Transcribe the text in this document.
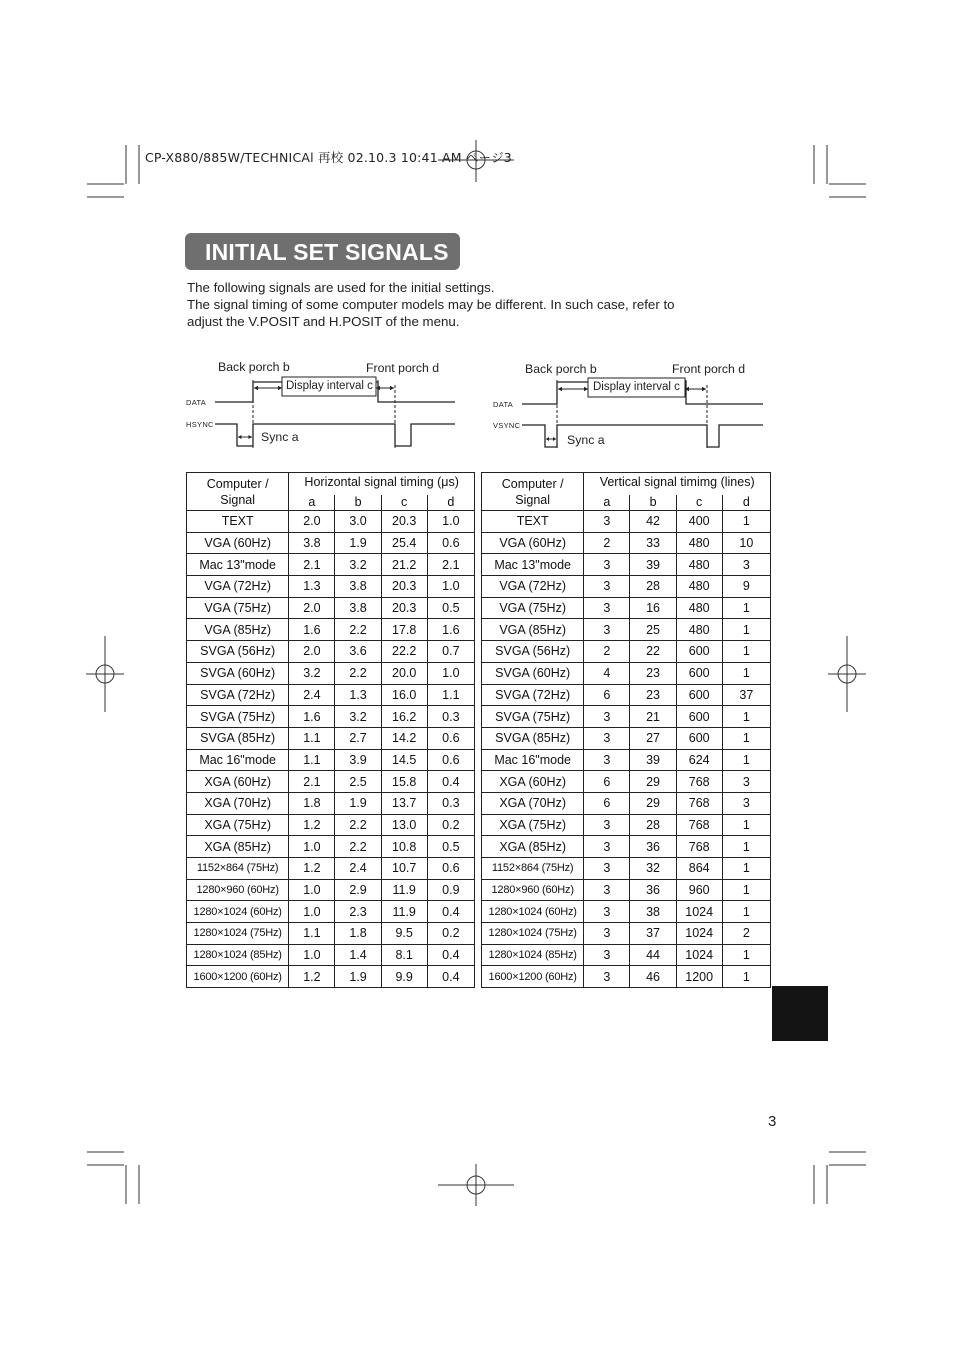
CP-X880/885W/TECHNICAl 再校 02.10.3 10:41 AM ページ3
INITIAL SET SIGNALS

The following signals are used for the initial settings.

The signal timing of some computer models may be different. In such case, refer to

adjust the V.POSIT and H.POSIT of the menu.

Back porch b	Front porch d
Display interval c
DATA
HSYNC
Sync a
Back porch b	Front porch d
Display interval c
DATA
VSYNC
Sync a
Computer / Signal	Horizontal signal timing (μs)			
	a	b	c	d
TEXT	2.0	3.0	20.3	1.0
VGA (60Hz)	3.8	1.9	25.4	0.6
Mac 13"mode	2.1	3.2	21.2	2.1
VGA (72Hz)	1.3	3.8	20.3	1.0
VGA (75Hz)	2.0	3.8	20.3	0.5
VGA (85Hz)	1.6	2.2	17.8	1.6
SVGA (56Hz)	2.0	3.6	22.2	0.7
SVGA (60Hz)	3.2	2.2	20.0	1.0
SVGA (72Hz)	2.4	1.3	16.0	1.1
SVGA (75Hz)	1.6	3.2	16.2	0.3
SVGA (85Hz)	1.1	2.7	14.2	0.6
Mac 16"mode	1.1	3.9	14.5	0.6
XGA (60Hz)	2.1	2.5	15.8	0.4
XGA (70Hz)	1.8	1.9	13.7	0.3
XGA (75Hz)	1.2	2.2	13.0	0.2
XGA (85Hz)	1.0	2.2	10.8	0.5
1152×864 (75Hz)	1.2	2.4	10.7	0.6
1280×960 (60Hz)	1.0	2.9	11.9	0.9
1280×1024 (60Hz)	1.0	2.3	11.9	0.4
1280×1024 (75Hz)	1.1	1.8	9.5	0.2
1280×1024 (85Hz)	1.0	1.4	8.1	0.4
1600×1200 (60Hz)	1.2	1.9	9.9	0.4
Computer / Signal	Vertical signal timimg (lines)			
	a	b	c	d
TEXT	3	42	400	1
VGA (60Hz)	2	33	480	10
Mac 13"mode	3	39	480	3
VGA (72Hz)	3	28	480	9
VGA (75Hz)	3	16	480	1
VGA (85Hz)	3	25	480	1
SVGA (56Hz)	2	22	600	1
SVGA (60Hz)	4	23	600	1
SVGA (72Hz)	6	23	600	37
SVGA (75Hz)	3	21	600	1
SVGA (85Hz)	3	27	600	1
Mac 16"mode	3	39	624	1
XGA (60Hz)	6	29	768	3
XGA (70Hz)	6	29	768	3
XGA (75Hz)	3	28	768	1
XGA (85Hz)	3	36	768	1
1152×864 (75Hz)	3	32	864	1
1280×960 (60Hz)	3	36	960	1
1280×1024 (60Hz)	3	38	1024	1
1280×1024 (75Hz)	3	37	1024	2
1280×1024 (85Hz)	3	44	1024	1
1600×1200 (60Hz)	3	46	1200	1
3
